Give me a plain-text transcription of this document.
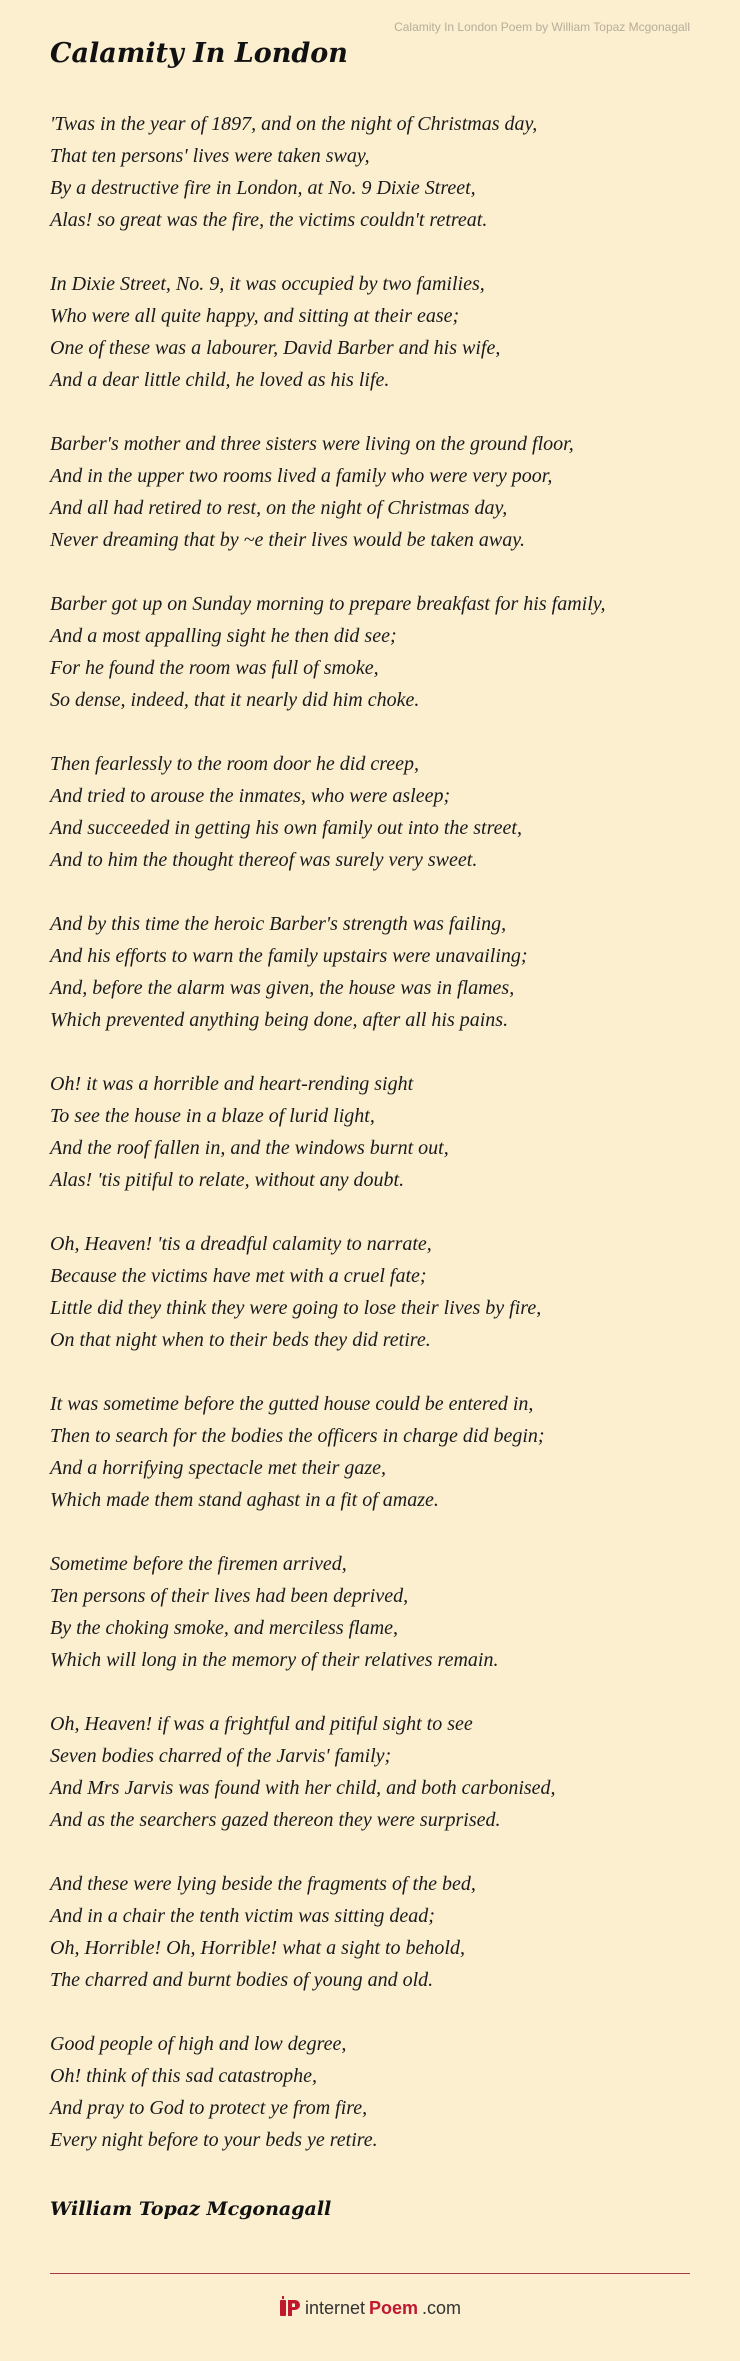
Calamity In London Poem by William Topaz Mcgonagall
Calamity In London
'Twas in the year of 1897, and on the night of Christmas day,
That ten persons' lives were taken sway,
By a destructive fire in London, at No. 9 Dixie Street,
Alas! so great was the fire, the victims couldn't retreat.
In Dixie Street, No. 9, it was occupied by two families,
Who were all quite happy, and sitting at their ease;
One of these was a labourer, David Barber and his wife,
And a dear little child, he loved as his life.
Barber's mother and three sisters were living on the ground floor,
And in the upper two rooms lived a family who were very poor,
And all had retired to rest, on the night of Christmas day,
Never dreaming that by ~e their lives would be taken away.
Barber got up on Sunday morning to prepare breakfast for his family,
And a most appalling sight he then did see;
For he found the room was full of smoke,
So dense, indeed, that it nearly did him choke.
Then fearlessly to the room door he did creep,
And tried to arouse the inmates, who were asleep;
And succeeded in getting his own family out into the street,
And to him the thought thereof was surely very sweet.
And by this time the heroic Barber's strength was failing,
And his efforts to warn the family upstairs were unavailing;
And, before the alarm was given, the house was in flames,
Which prevented anything being done, after all his pains.
Oh! it was a horrible and heart-rending sight
To see the house in a blaze of lurid light,
And the roof fallen in, and the windows burnt out,
Alas! 'tis pitiful to relate, without any doubt.
Oh, Heaven! 'tis a dreadful calamity to narrate,
Because the victims have met with a cruel fate;
Little did they think they were going to lose their lives by fire,
On that night when to their beds they did retire.
It was sometime before the gutted house could be entered in,
Then to search for the bodies the officers in charge did begin;
And a horrifying spectacle met their gaze,
Which made them stand aghast in a fit of amaze.
Sometime before the firemen arrived,
Ten persons of their lives had been deprived,
By the choking smoke, and merciless flame,
Which will long in the memory of their relatives remain.
Oh, Heaven! if was a frightful and pitiful sight to see
Seven bodies charred of the Jarvis' family;
And Mrs Jarvis was found with her child, and both carbonised,
And as the searchers gazed thereon they were surprised.
And these were lying beside the fragments of the bed,
And in a chair the tenth victim was sitting dead;
Oh, Horrible! Oh, Horrible! what a sight to behold,
The charred and burnt bodies of young and old.
Good people of high and low degree,
Oh! think of this sad catastrophe,
And pray to God to protect ye from fire,
Every night before to your beds ye retire.
William Topaz Mcgonagall
internet Poem .com
